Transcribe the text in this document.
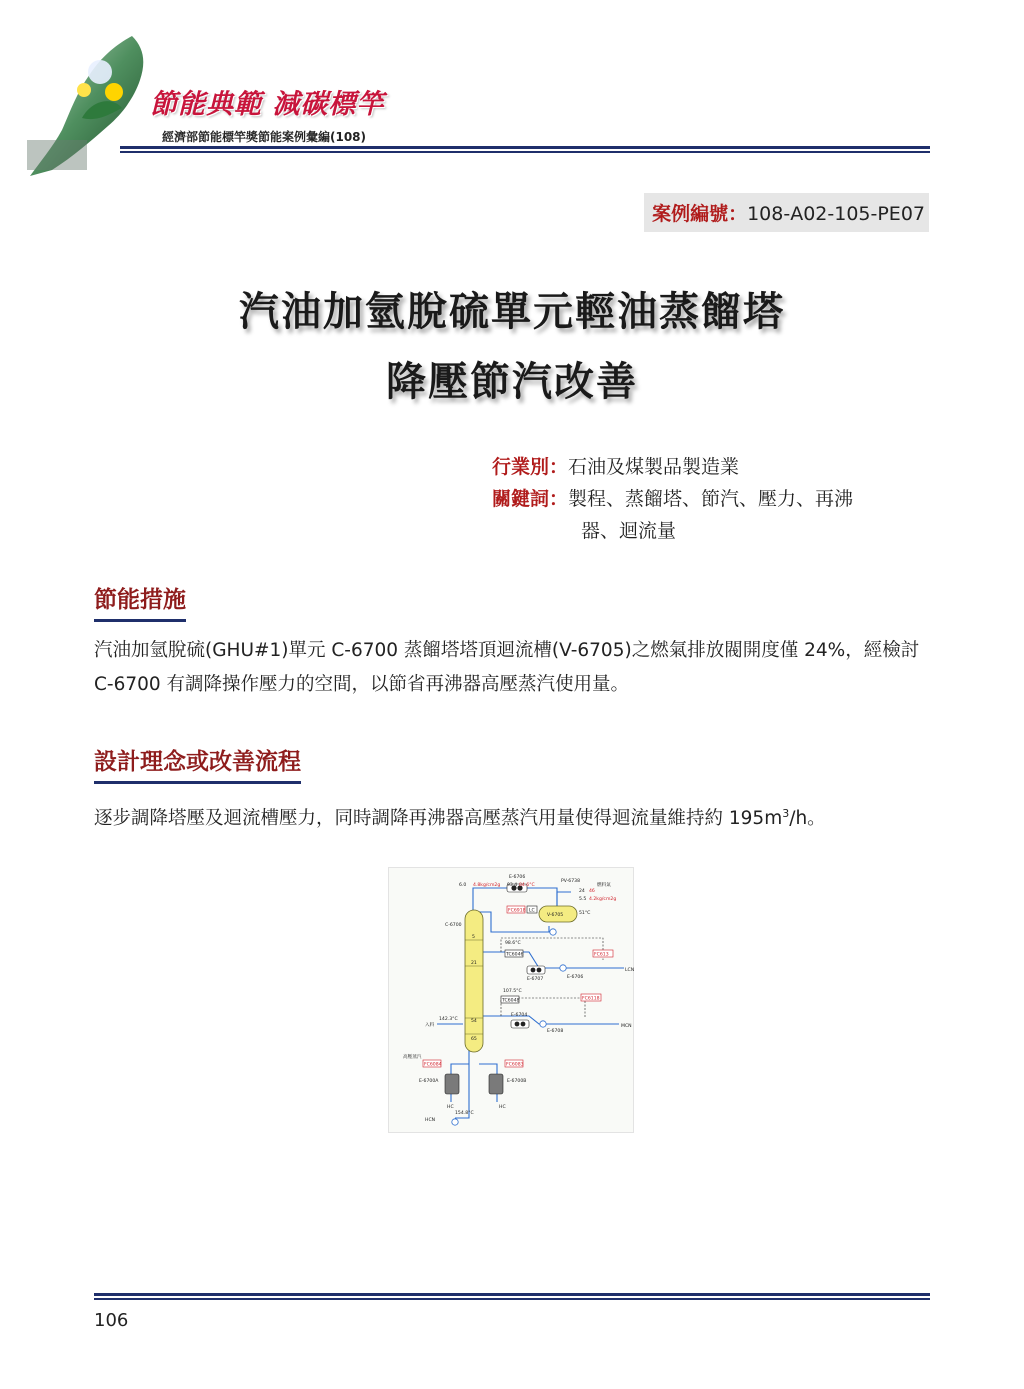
節能典範 減碳標竿
經濟部節能標竿獎節能案例彙編(108)
案例編號：108-A02-105-PE07
汽油加氫脫硫單元輕油蒸餾塔
降壓節汽改善
行業別：石油及煤製品製造業
關鍵詞：製程、蒸餾塔、節汽、壓力、再沸
器、迴流量
節能措施
汽油加氫脫硫(GHU#1)單元 C-6700 蒸餾塔塔頂迴流槽(V-6705)之燃氣排放閥開度僅 24%，經檢討 C-6700 有調降操作壓力的空間，以節省再沸器高壓蒸汽使用量。
設計理念或改善流程
逐步調降塔壓及迴流槽壓力，同時調降再沸器高壓蒸汽用量使得迴流量維持約 $195m^3/h$。
6.0 4.8kg/cm2g 93.4 84.6°C
E-6706
PV-6738
燃料氣
24 46
5.5 4.2kg/cm2g
51°C
V-6705
FC6918 LC
C-6700
5
21
54
65
98.6°C
TC6046	FC613
E-6707	E-6706
LCN
107.5°C
TC6048	FC6118
E-6704
E-6708
MCN
入料
142.3°C
高壓蒸汽
FC6084	FC6083
E-6700A	E-6700B
HC	HC
154.8°C
HCN
106
